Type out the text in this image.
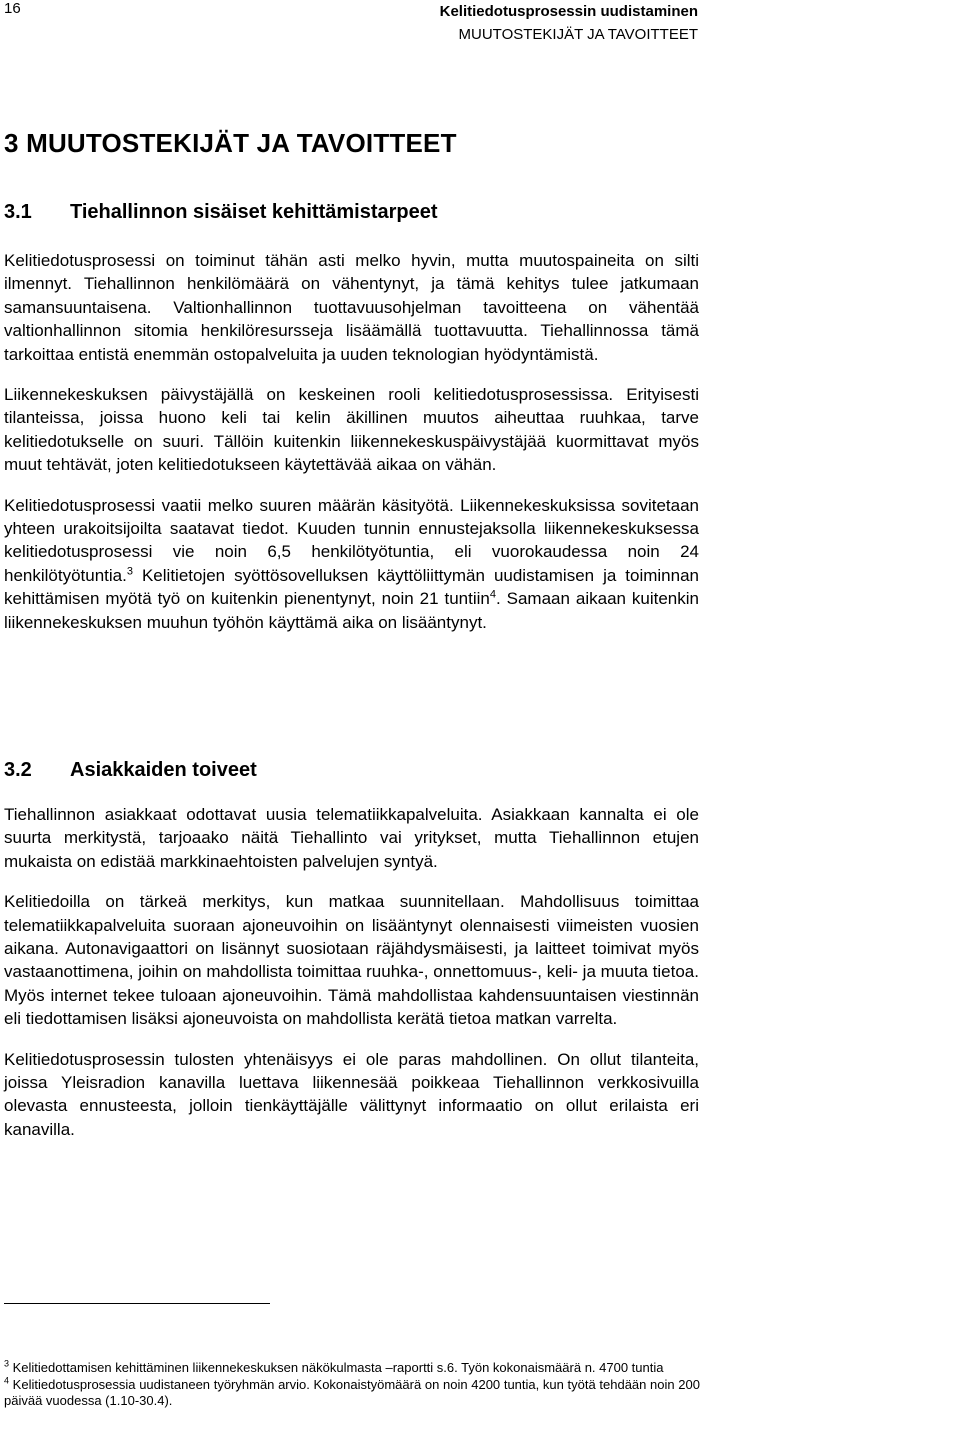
16	Kelitiedotusprosessin uudistaminen
MUUTOSTEKIJÄT JA TAVOITTEET
3 MUUTOSTEKIJÄT JA TAVOITTEET
3.1 Tiehallinnon sisäiset kehittämistarpeet

Kelitiedotusprosessi on toiminut tähän asti melko hyvin, mutta muutospaineita on silti ilmennyt. Tiehallinnon henkilömäärä on vähentynyt, ja tämä kehitys tulee jatkumaan samansuuntaisena. Valtionhallinnon tuottavuusohjelman tavoitteena on vähentää valtionhallinnon sitomia henkilöresursseja lisäämällä tuottavuutta. Tiehallinnossa tämä tarkoittaa entistä enemmän ostopalveluita ja uuden teknologian hyödyntämistä.

Liikennekeskuksen päivystäjällä on keskeinen rooli kelitiedotusprosessissa. Erityisesti tilanteissa, joissa huono keli tai kelin äkillinen muutos aiheuttaa ruuhkaa, tarve kelitiedotukselle on suuri. Tällöin kuitenkin liikennekeskuspäivystäjää kuormittavat myös muut tehtävät, joten kelitiedotukseen käytettävää aikaa on vähän.

Kelitiedotusprosessi vaatii melko suuren määrän käsityötä. Liikennekeskuksissa sovitetaan yhteen urakoitsijoilta saatavat tiedot. Kuuden tunnin ennustejaksolla liikennekeskuksessa kelitiedotusprosessi vie noin 6,5 henkilötyötuntia, eli vuorokaudessa noin 24 henkilötyötuntia.$^3$ Kelitietojen syöttösovelluksen käyttöliittymän uudistamisen ja toiminnan kehittämisen myötä työ on kuitenkin pienentynyt, noin 21 tuntiin$^4$. Samaan aikaan kuitenkin liikennekeskuksen muuhun työhön käyttämä aika on lisääntynyt.

3.2 Asiakkaiden toiveet

Tiehallinnon asiakkaat odottavat uusia telematiikkapalveluita. Asiakkaan kannalta ei ole suurta merkitystä, tarjoaako näitä Tiehallinto vai yritykset, mutta Tiehallinnon etujen mukaista on edistää markkinaehtoisten palvelujen syntyä.

Kelitiedoilla on tärkeä merkitys, kun matkaa suunnitellaan. Mahdollisuus toimittaa telematiikkapalveluita suoraan ajoneuvoihin on lisääntynyt olennaisesti viimeisten vuosien aikana. Autonavigaattori on lisännyt suosiotaan räjähdysmäisesti, ja laitteet toimivat myös vastaanottimena, joihin on mahdollista toimittaa ruuhka-, onnettomuus-, keli- ja muuta tietoa. Myös internet tekee tuloaan ajoneuvoihin. Tämä mahdollistaa kahdensuuntaisen viestinnän eli tiedottamisen lisäksi ajoneuvoista on mahdollista kerätä tietoa matkan varrelta.

Kelitiedotusprosessin tulosten yhtenäisyys ei ole paras mahdollinen. On ollut tilanteita, joissa Yleisradion kanavilla luettava liikennesää poikkeaa Tiehallinnon verkkosivuilla olevasta ennusteesta, jolloin tienkäyttäjälle välittynyt informaatio on ollut erilaista eri kanavilla.

$^3$ Kelitiedottamisen kehittäminen liikennekeskuksen näkökulmasta –raportti s.6. Työn kokonaismäärä n. 4700 tuntia

$^4$ Kelitiedotusprosessia uudistaneen työryhmän arvio. Kokonaistyömäärä on noin 4200 tuntia, kun työtä tehdään noin 200 päivää vuodessa (1.10-30.4).
